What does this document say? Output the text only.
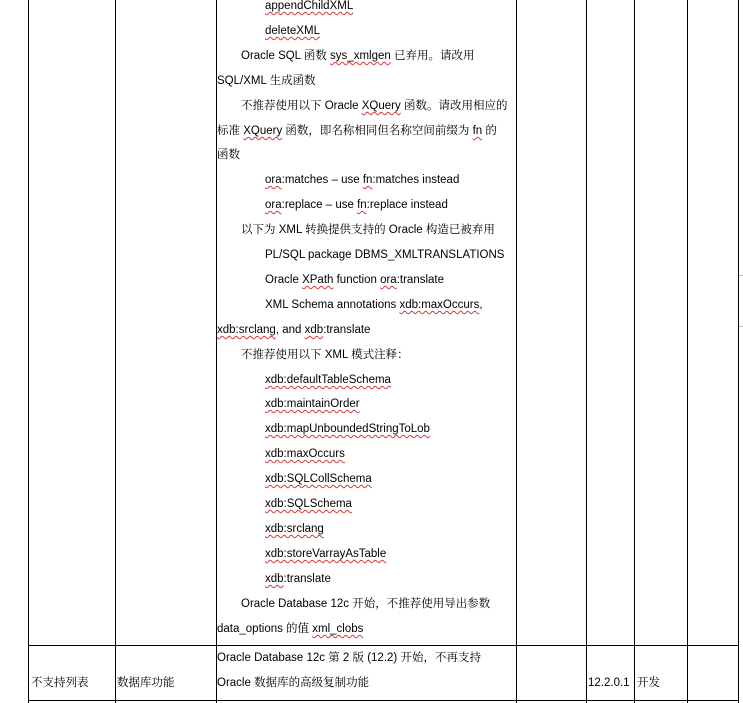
appendChildXML
deleteXML
Oracle SQL 函数 sys_xmlgen 已弃用。请改用
SQL/XML 生成函数
不推荐使用以下 Oracle XQuery 函数。请改用相应的
标准 XQuery 函数，即名称相同但名称空间前缀为 fn 的
函数
ora:matches – use fn:matches instead
ora:replace – use fn:replace instead
以下为 XML 转换提供支持的 Oracle 构造已被弃用
PL/SQL package DBMS_XMLTRANSLATIONS
Oracle XPath function ora:translate
XML Schema annotations xdb:maxOccurs,
xdb:srclang, and xdb:translate
不推荐使用以下 XML 模式注释：
xdb:defaultTableSchema
xdb:maintainOrder
xdb:mapUnboundedStringToLob
xdb:maxOccurs
xdb:SQLCollSchema
xdb:SQLSchema
xdb:srclang
xdb:storeVarrayAsTable
xdb:translate
Oracle Database 12c 开始，不推荐使用导出参数
data_options 的值 xml_clobs
不支持列表 数据库功能
Oracle Database 12c 第 2 版 (12.2) 开始，不再支持
Oracle 数据库的高级复制功能	12.2.0.1 开发
